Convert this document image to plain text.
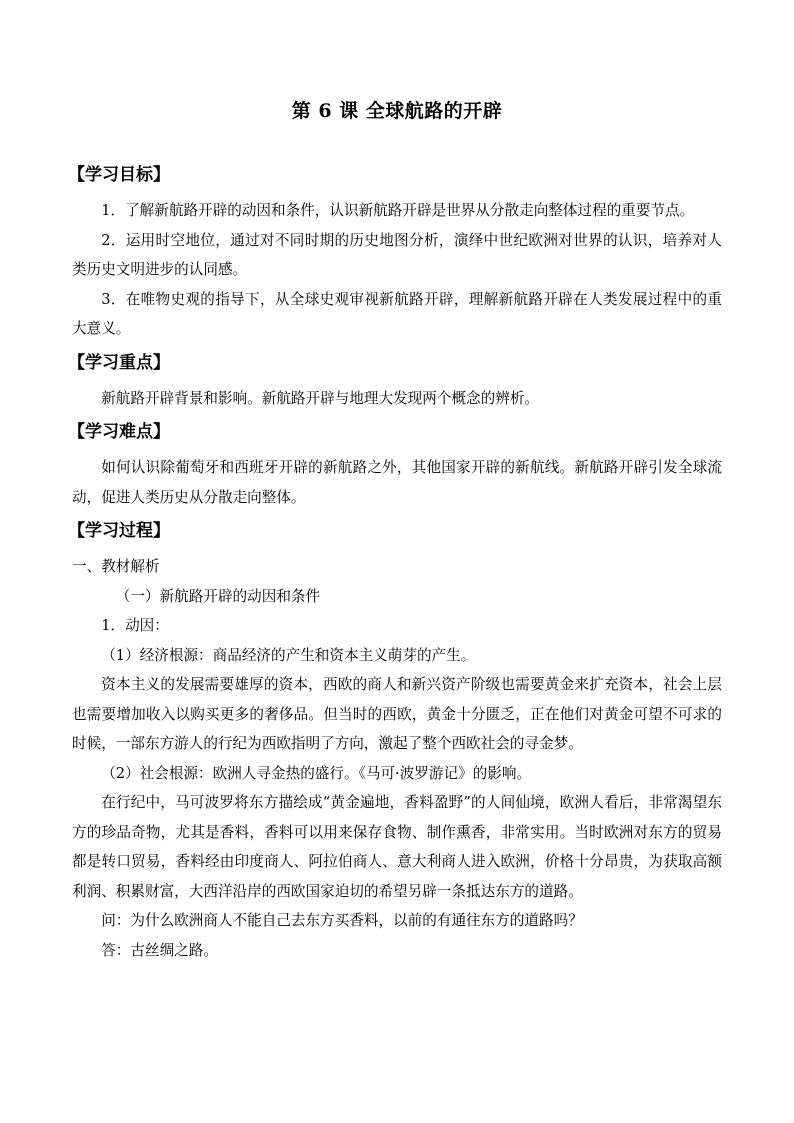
第 6 课 全球航路的开辟
【学习目标】

1．了解新航路开辟的动因和条件，认识新航路开辟是世界从分散走向整体过程的重要节点。

2．运用时空地位，通过对不同时期的历史地图分析，演绎中世纪欧洲对世界的认识，培养对人类历史文明进步的认同感。

3．在唯物史观的指导下，从全球史观审视新航路开辟，理解新航路开辟在人类发展过程中的重大意义。

【学习重点】

新航路开辟背景和影响。新航路开辟与地理大发现两个概念的辨析。

【学习难点】

如何认识除葡萄牙和西班牙开辟的新航路之外，其他国家开辟的新航线。新航路开辟引发全球流动，促进人类历史从分散走向整体。

【学习过程】

一、教材解析

（一）新航路开辟的动因和条件

1．动因：

（1）经济根源：商品经济的产生和资本主义萌芽的产生。

资本主义的发展需要雄厚的资本，西欧的商人和新兴资产阶级也需要黄金来扩充资本，社会上层也需要增加收入以购买更多的奢侈品。但当时的西欧，黄金十分匮乏，正在他们对黄金可望不可求的时候，一部东方游人的行纪为西欧指明了方向，激起了整个西欧社会的寻金梦。

（2）社会根源：欧洲人寻金热的盛行。《马可·波罗游记》的影响。

在行纪中，马可波罗将东方描绘成“黄金遍地，香料盈野”的人间仙境，欧洲人看后，非常渴望东方的珍品奇物，尤其是香料，香料可以用来保存食物、制作熏香，非常实用。当时欧洲对东方的贸易都是转口贸易，香料经由印度商人、阿拉伯商人、意大利商人进入欧洲，价格十分昂贵，为获取高额利润、积累财富，大西洋沿岸的西欧国家迫切的希望另辟一条抵达东方的道路。

问：为什么欧洲商人不能自己去东方买香料，以前的有通往东方的道路吗？

答：古丝绸之路。
